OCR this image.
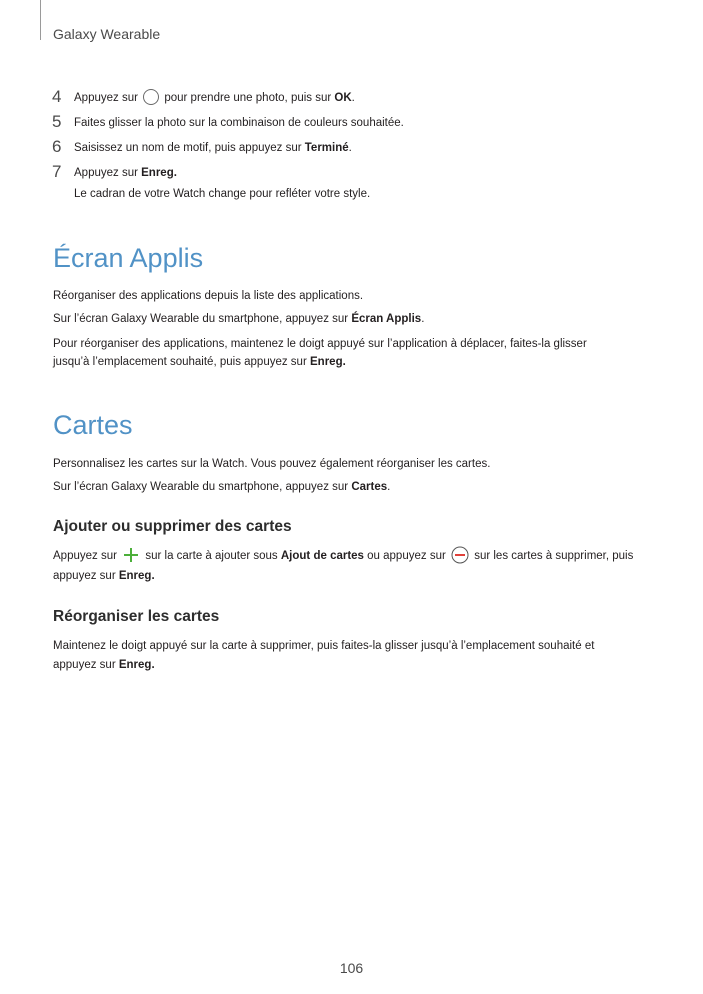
Galaxy Wearable
4	Appuyez sur pour prendre une photo, puis sur OK.
5	Faites glisser la photo sur la combinaison de couleurs souhaitée.
6	Saisissez un nom de motif, puis appuyez sur Terminé.
7	Appuyez sur Enreg.
Le cadran de votre Watch change pour refléter votre style.
Écran Applis
Réorganiser des applications depuis la liste des applications.
Sur l’écran Galaxy Wearable du smartphone, appuyez sur Écran Applis.
Pour réorganiser des applications, maintenez le doigt appuyé sur l’application à déplacer, faites-la glisser
jusqu’à l’emplacement souhaité, puis appuyez sur Enreg.
Cartes
Personnalisez les cartes sur la Watch. Vous pouvez également réorganiser les cartes.
Sur l’écran Galaxy Wearable du smartphone, appuyez sur Cartes.
Ajouter ou supprimer des cartes
Appuyez sur sur la carte à ajouter sous Ajout de cartes ou appuyez sur sur les cartes à supprimer, puis
appuyez sur Enreg.
Réorganiser les cartes
Maintenez le doigt appuyé sur la carte à supprimer, puis faites-la glisser jusqu’à l’emplacement souhaité et
appuyez sur Enreg.
106
